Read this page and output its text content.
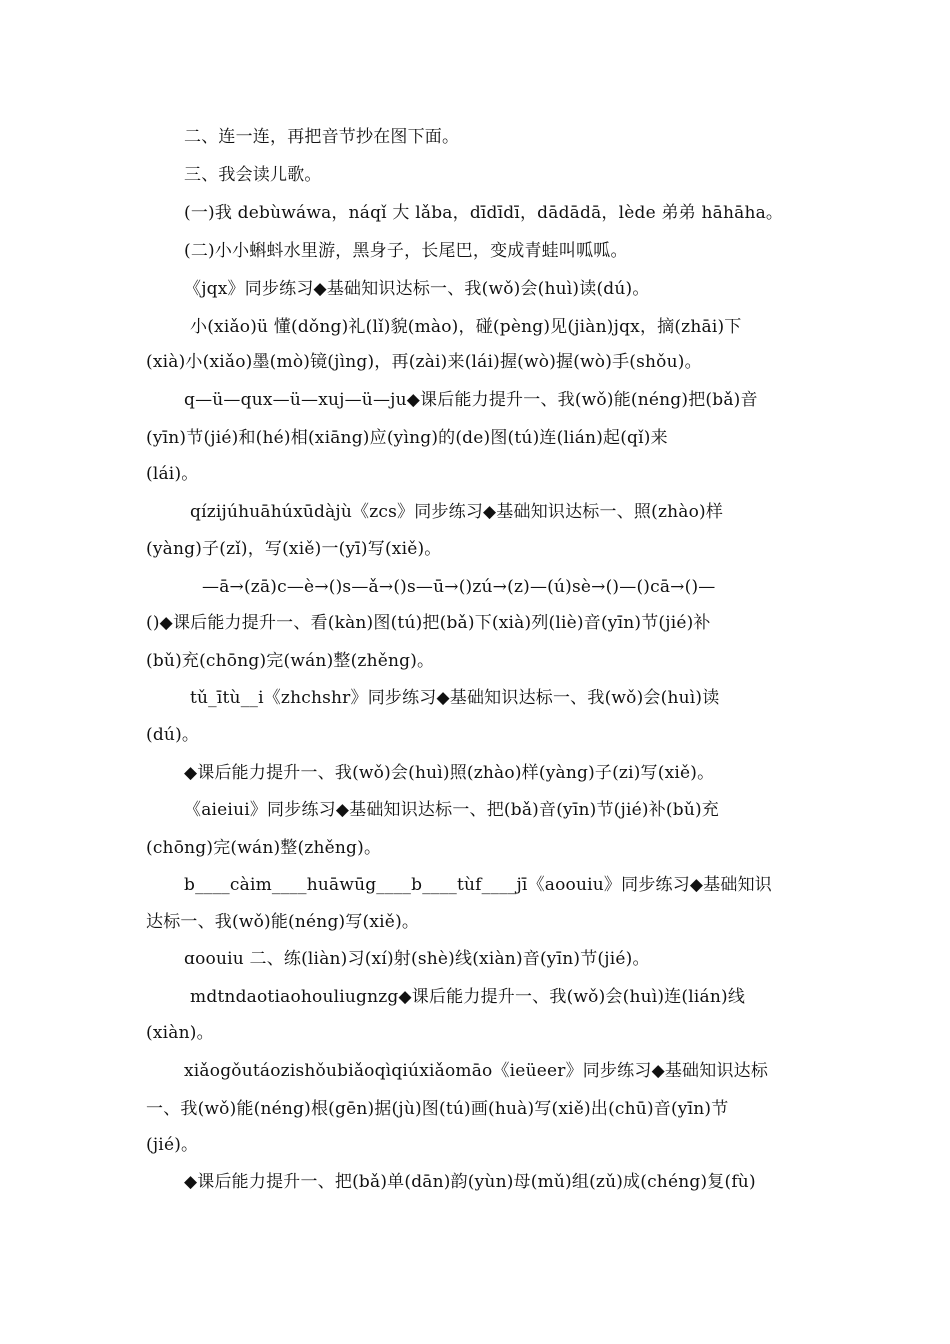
二、连一连，再把音节抄在图下面。
三、我会读儿歌。
(一)我 debùwáwa，náqǐ 大 lǎba，dīdīdī，dādādā，lède 弟弟 hāhāha。
(二)小小蝌蚪水里游，黑身子，长尾巴，变成青蛙叫呱呱。
《jqx》同步练习◆基础知识达标一、我(wǒ)会(huì)读(dú)。
小(xiǎo)ü 懂(dǒng)礼(lǐ)貌(mào)，碰(pèng)见(jiàn)jqx，摘(zhāi)下
(xià)小(xiǎo)墨(mò)镜(jìng)，再(zài)来(lái)握(wò)握(wò)手(shǒu)。
q—ü—qux—ü—xuj—ü—ju◆课后能力提升一、我(wǒ)能(néng)把(bǎ)音
(yīn)节(jié)和(hé)相(xiāng)应(yìng)的(de)图(tú)连(lián)起(qǐ)来
(lái)。
qízijúhuāhúxūdàjù《zcs》同步练习◆基础知识达标一、照(zhào)样
(yàng)子(zǐ)，写(xiě)一(yī)写(xiě)。
—ā→(zā)c—è→()s—ǎ→()s—ū→()zú→(z)—(ú)sè→()—()cā→()—
()◆课后能力提升一、看(kàn)图(tú)把(bǎ)下(xià)列(liè)音(yīn)节(jié)补
(bǔ)充(chōng)完(wán)整(zhěng)。
tǔ_ītù__i《zhchshr》同步练习◆基础知识达标一、我(wǒ)会(huì)读
(dú)。
◆课后能力提升一、我(wǒ)会(huì)照(zhào)样(yàng)子(zi)写(xiě)。
《aieiui》同步练习◆基础知识达标一、把(bǎ)音(yīn)节(jié)补(bǔ)充
(chōng)完(wán)整(zhěng)。
b____càim____huāwūg____b____tùf____jī《aoouiu》同步练习◆基础知识
达标一、我(wǒ)能(néng)写(xiě)。
ɑoouiu 二、练(liàn)习(xí)射(shè)线(xiàn)音(yīn)节(jié)。
mdtndaotiaohouliugnzg◆课后能力提升一、我(wǒ)会(huì)连(lián)线
(xiàn)。
xiǎogǒutáozishǒubiǎoqìqiúxiǎomāo《ieüeer》同步练习◆基础知识达标
一、我(wǒ)能(néng)根(gēn)据(jù)图(tú)画(huà)写(xiě)出(chū)音(yīn)节
(jié)。
◆课后能力提升一、把(bǎ)单(dān)韵(yùn)母(mǔ)组(zǔ)成(chéng)复(fù)
